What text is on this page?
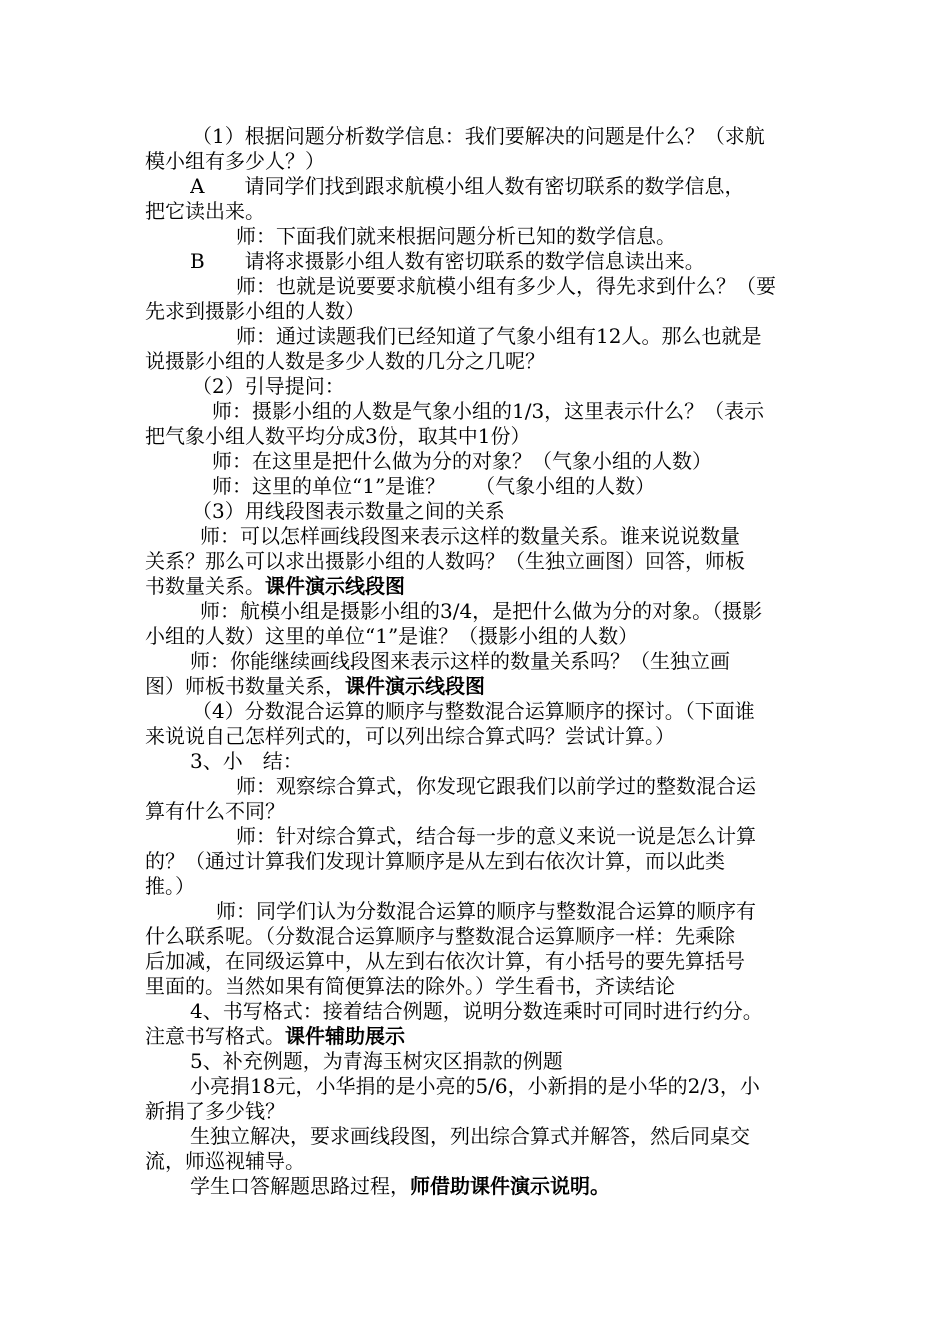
（1）根据问题分析数学信息：我们要解决的问题是什么？（求航
模小组有多少人？）
A　　请同学们找到跟求航模小组人数有密切联系的数学信息，
把它读出来。
师：下面我们就来根据问题分析已知的数学信息。
B　　请将求摄影小组人数有密切联系的数学信息读出来。
师：也就是说要要求航模小组有多少人，得先求到什么？（要
先求到摄影小组的人数）
师：通过读题我们已经知道了气象小组有12人。那么也就是
说摄影小组的人数是多少人数的几分之几呢？
（2）引导提问：
师：摄影小组的人数是气象小组的1/3，这里表示什么？（表示
把气象小组人数平均分成3份，取其中1份）
师：在这里是把什么做为分的对象？（气象小组的人数）
师：这里的单位“1”是谁？　　（气象小组的人数）
（3）用线段图表示数量之间的关系
师：可以怎样画线段图来表示这样的数量关系。谁来说说数量
关系？那么可以求出摄影小组的人数吗？（生独立画图）回答，师板
书数量关系。课件演示线段图
师：航模小组是摄影小组的3/4，是把什么做为分的对象。（摄影
小组的人数）这里的单位“1”是谁？（摄影小组的人数）
师：你能继续画线段图来表示这样的数量关系吗？（生独立画
图）师板书数量关系，课件演示线段图
（4）分数混合运算的顺序与整数混合运算顺序的探讨。（下面谁
来说说自己怎样列式的，可以列出综合算式吗？尝试计算。）
3、小　结：
师：观察综合算式，你发现它跟我们以前学过的整数混合运
算有什么不同？
师：针对综合算式，结合每一步的意义来说一说是怎么计算
的？（通过计算我们发现计算顺序是从左到右依次计算，而以此类
推。）
师：同学们认为分数混合运算的顺序与整数混合运算的顺序有
什么联系呢。（分数混合运算顺序与整数混合运算顺序一样：先乘除
后加减，在同级运算中，从左到右依次计算，有小括号的要先算括号
里面的。当然如果有简便算法的除外。）学生看书，齐读结论
4、书写格式：接着结合例题，说明分数连乘时可同时进行约分。
注意书写格式。课件辅助展示
5、补充例题，为青海玉树灾区捐款的例题
小亮捐18元，小华捐的是小亮的5/6，小新捐的是小华的2/3，小
新捐了多少钱？
生独立解决，要求画线段图，列出综合算式并解答，然后同桌交
流，师巡视辅导。
学生口答解题思路过程，师借助课件演示说明。
